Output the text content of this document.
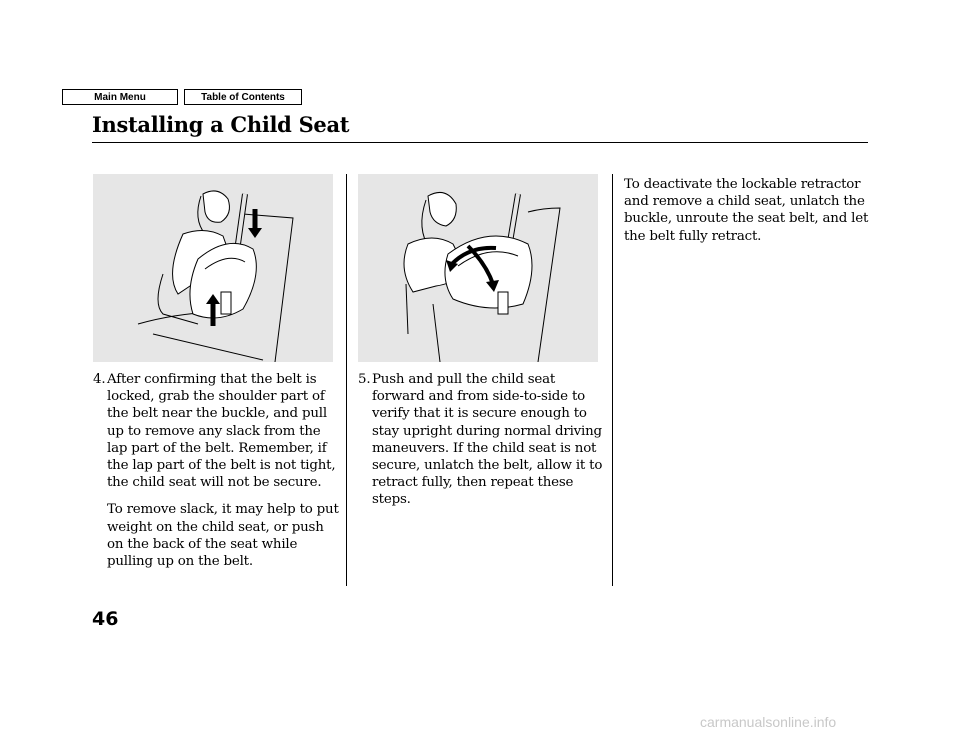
Main Menu	Table of Contents
Installing a Child Seat
4. After confirming that the belt is locked, grab the shoulder part of the belt near the buckle, and pull up to remove any slack from the lap part of the belt. Remember, if the lap part of the belt is not tight, the child seat will not be secure.
To remove slack, it may help to put weight on the child seat, or push on the back of the seat while pulling up on the belt.
5. Push and pull the child seat forward and from side-to-side to verify that it is secure enough to stay upright during normal driving maneuvers. If the child seat is not secure, unlatch the belt, allow it to retract fully, then repeat these steps.
To deactivate the lockable retractor and remove a child seat, unlatch the buckle, unroute the seat belt, and let the belt fully retract.
46
carmanualsonline.info
